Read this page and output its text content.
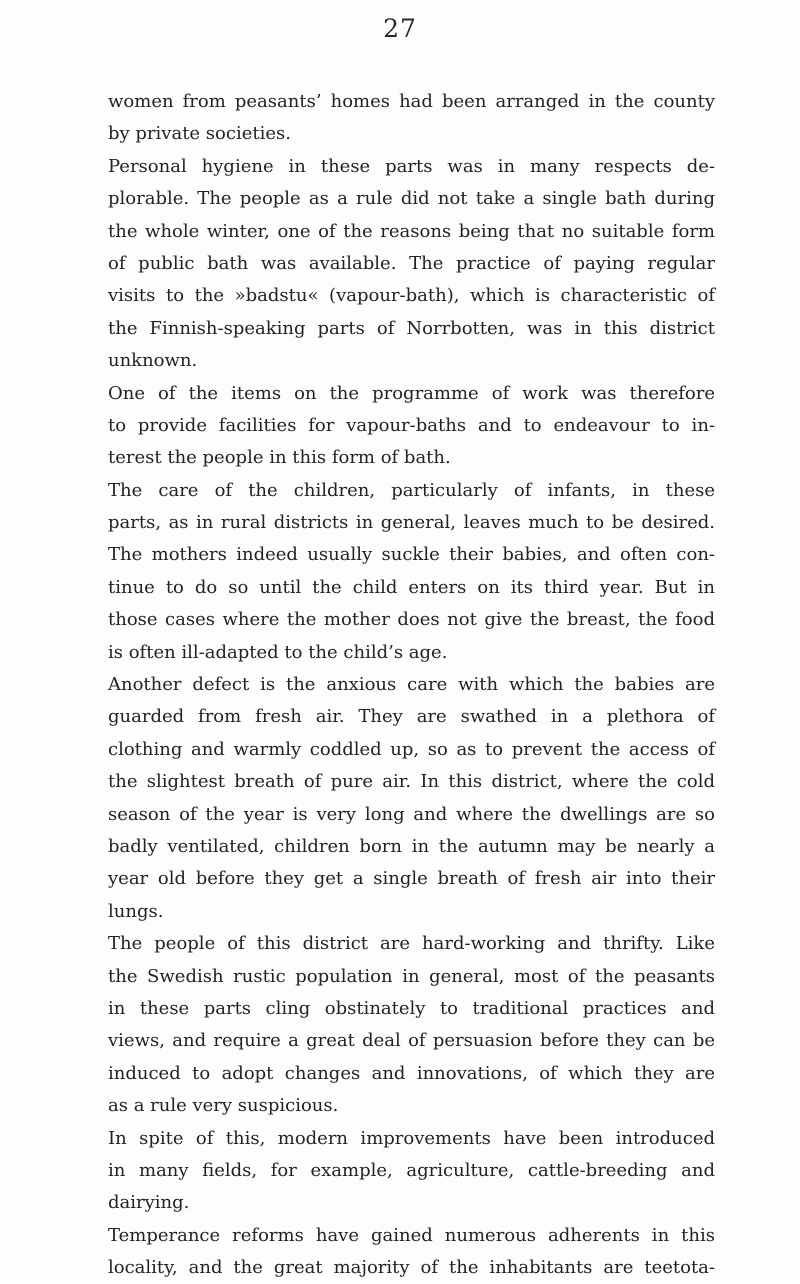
27
women from peasants’ homes had been arranged in the county
by private societies.
Personal hygiene in these parts was in many respects de-
plorable. The people as a rule did not take a single bath during
the whole winter, one of the reasons being that no suitable form
of public bath was available. The practice of paying regular
visits to the »badstu« (vapour-bath), which is characteristic of
the Finnish-speaking parts of Norrbotten, was in this district
unknown.
One of the items on the programme of work was therefore
to provide facilities for vapour-baths and to endeavour to in-
terest the people in this form of bath.
The care of the children, particularly of infants, in these
parts, as in rural districts in general, leaves much to be desired.
The mothers indeed usually suckle their babies, and often con-
tinue to do so until the child enters on its third year. But in
those cases where the mother does not give the breast, the food
is often ill-adapted to the child’s age.
Another defect is the anxious care with which the babies are
guarded from fresh air. They are swathed in a plethora of
clothing and warmly coddled up, so as to prevent the access of
the slightest breath of pure air. In this district, where the cold
season of the year is very long and where the dwellings are so
badly ventilated, children born in the autumn may be nearly a
year old before they get a single breath of fresh air into their
lungs.
The people of this district are hard-working and thrifty. Like
the Swedish rustic population in general, most of the peasants
in these parts cling obstinately to traditional practices and
views, and require a great deal of persuasion before they can be
induced to adopt changes and innovations, of which they are
as a rule very suspicious.
In spite of this, modern improvements have been introduced
in many fields, for example, agriculture, cattle-breeding and
dairying.
Temperance reforms have gained numerous adherents in this
locality, and the great majority of the inhabitants are teetota-
